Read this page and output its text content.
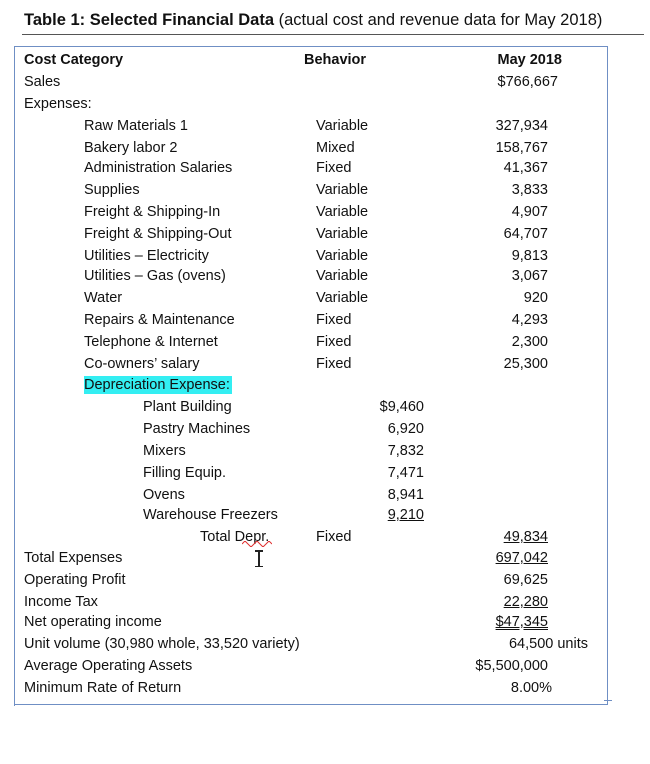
Table 1: Selected Financial Data (actual cost and revenue data for May 2018)
Cost Category	Behavior	May 2018
Sales	$766,667
Expenses:
Raw Materials 1	Variable	327,934
Bakery labor 2	Mixed	158,767
Administration Salaries	Fixed	41,367
Supplies	Variable	3,833
Freight & Shipping-In	Variable	4,907
Freight & Shipping-Out	Variable	64,707
Utilities – Electricity	Variable	9,813
Utilities – Gas (ovens)	Variable	3,067
Water	Variable	920
Repairs & Maintenance	Fixed	4,293
Telephone & Internet	Fixed	2,300
Co-owners’ salary	Fixed	25,300
Depreciation Expense:
Plant Building	$9,460
Pastry Machines	6,920
Mixers	7,832
Filling Equip.	7,471
Ovens	8,941
Warehouse Freezers	9,210
Total Depr.	Fixed	49,834
Total Expenses	697,042
Operating Profit	69,625
Income Tax	22,280
Net operating income	$47,345
Unit volume (30,980 whole, 33,520 variety)	64,500 units
Average Operating Assets	$5,500,000
Minimum Rate of Return	8.00%
